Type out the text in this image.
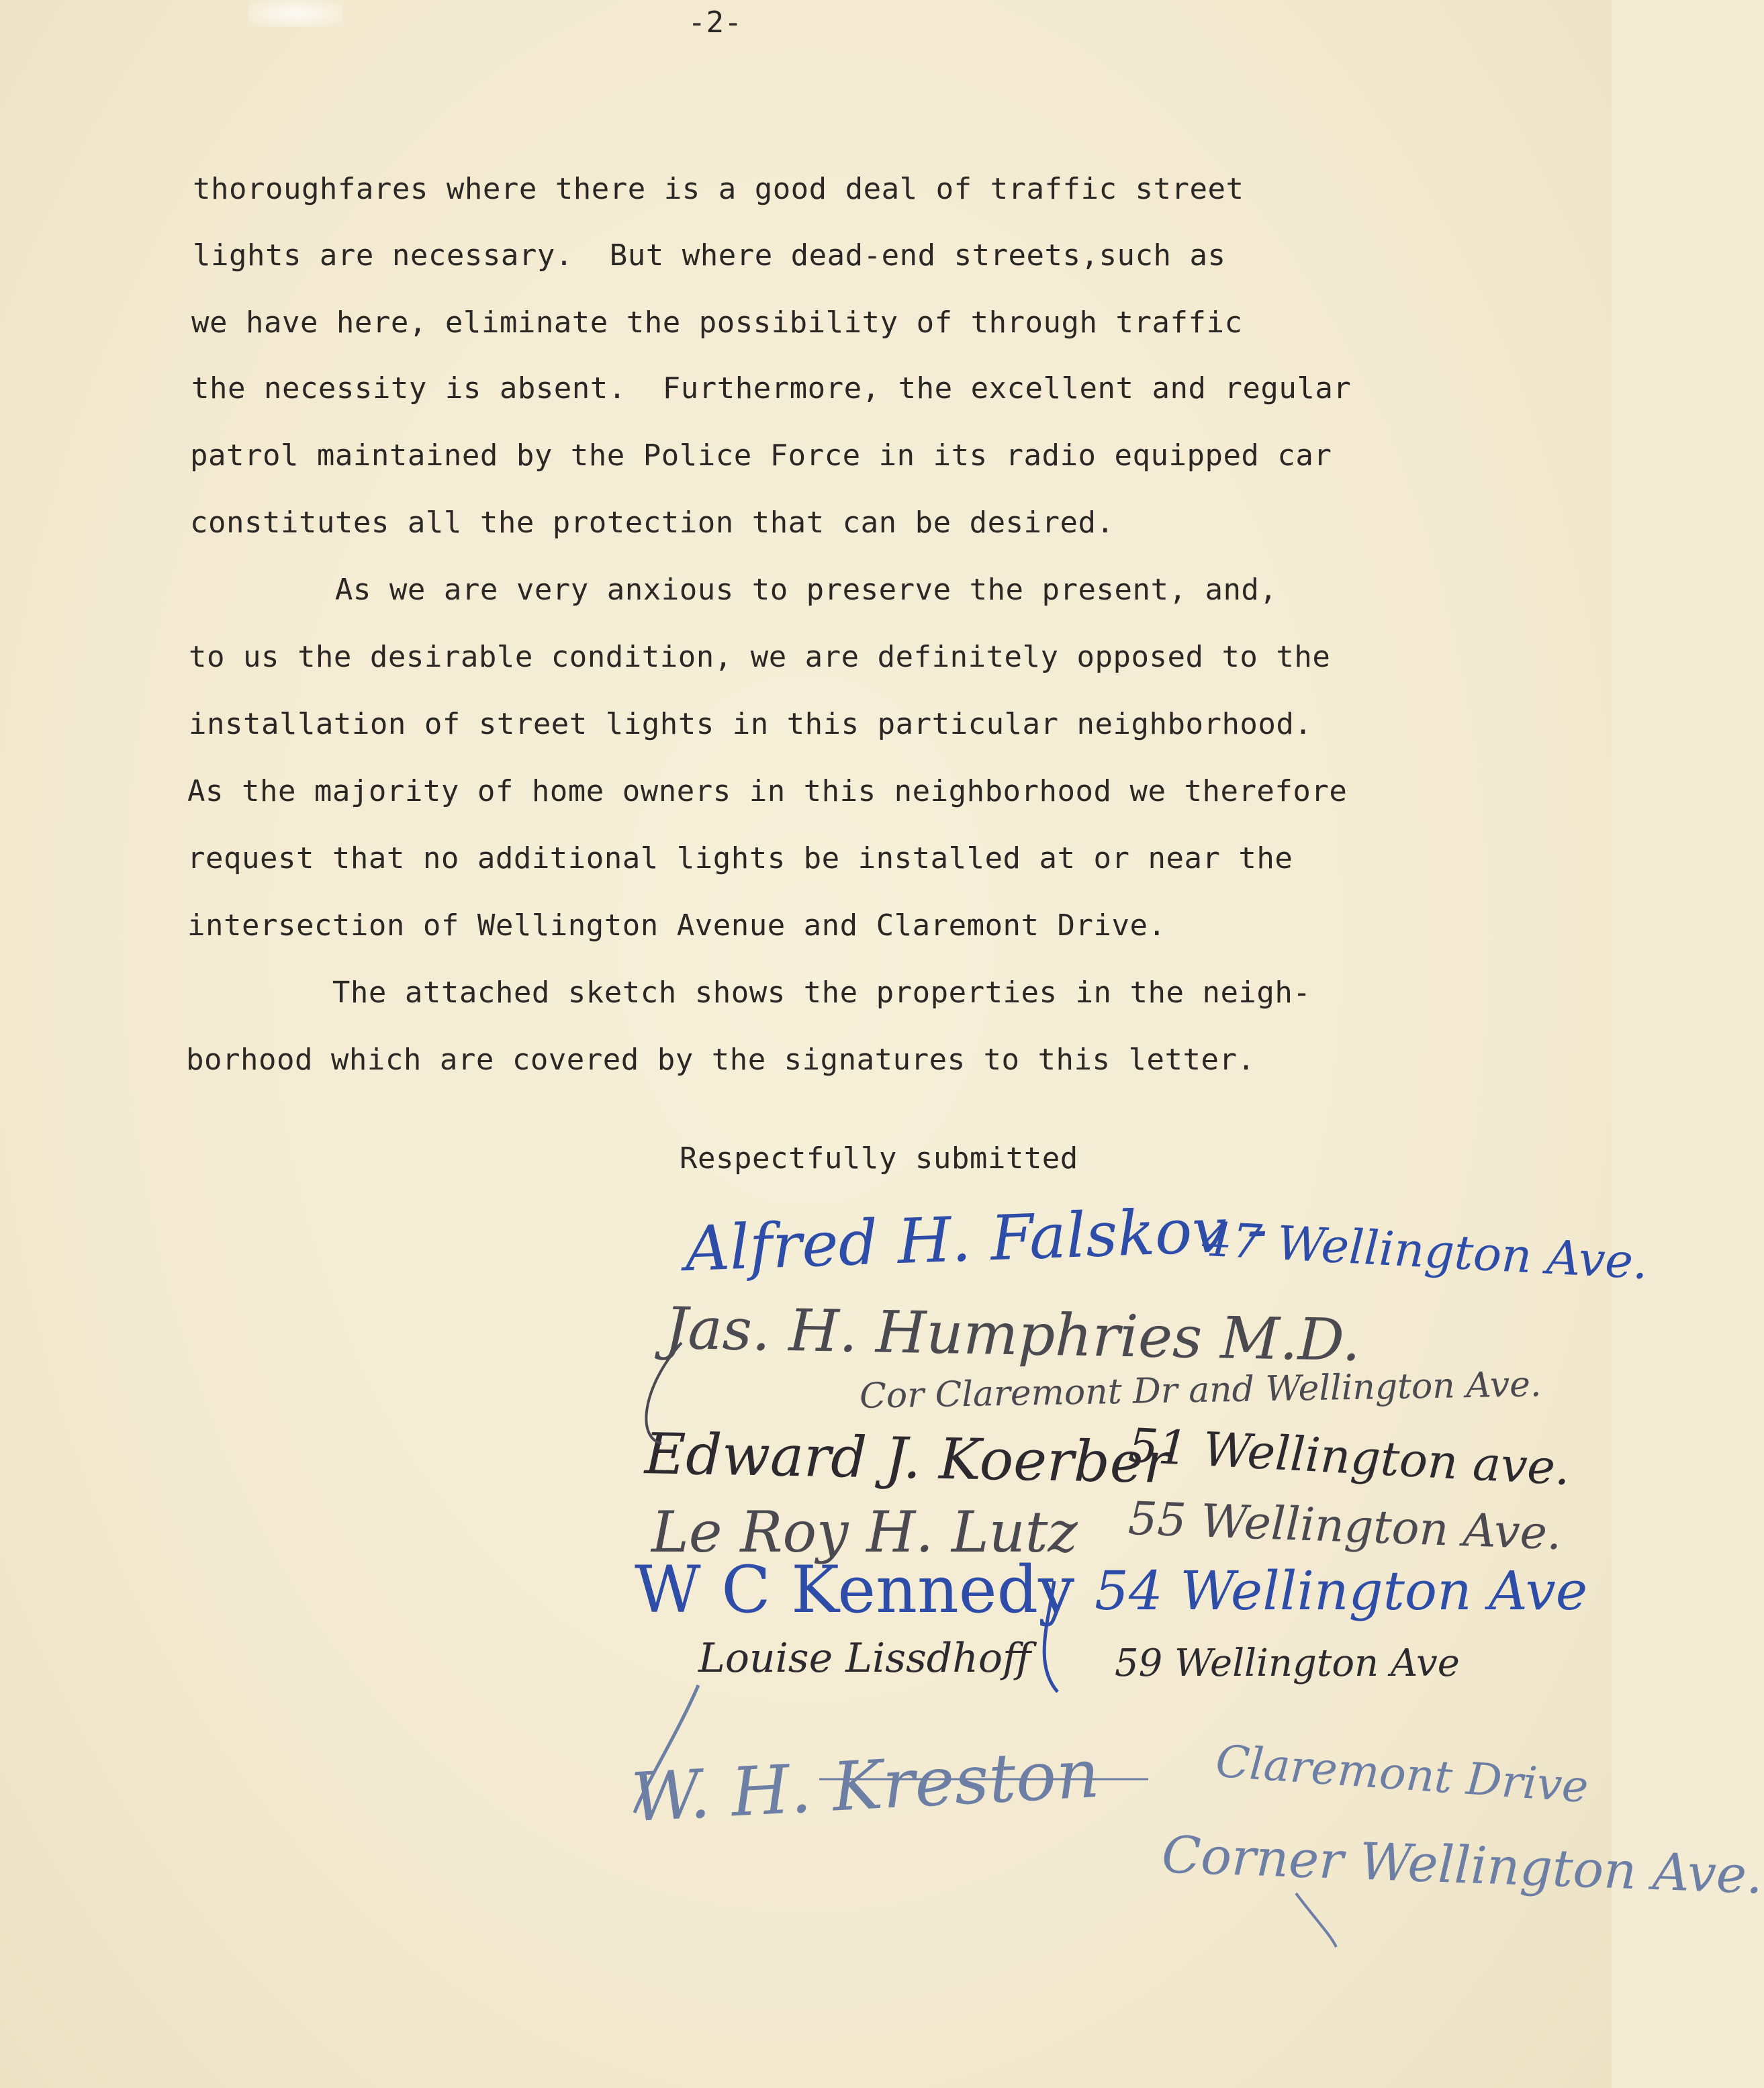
-2-
thoroughfares where there is a good deal of traffic street
lights are necessary.  But where dead-end streets,such as
we have here, eliminate the possibility of through traffic
the necessity is absent.  Furthermore, the excellent and regular
patrol maintained by the Police Force in its radio equipped car
constitutes all the protection that can be desired.
As we are very anxious to preserve the present, and,
to us the desirable condition, we are definitely opposed to the
installation of street lights in this particular neighborhood.
As the majority of home owners in this neighborhood we therefore
request that no additional lights be installed at or near the
intersection of Wellington Avenue and Claremont Drive.
The attached sketch shows the properties in the neigh-
borhood which are covered by the signatures to this letter.
Respectfully submitted
Alfred H. Falskov -
47 Wellington Ave.
Jas. H. Humphries M.D.
Cor Claremont Dr and Wellington Ave.
Edward J. Koerber
51 Wellington ave.
Le Roy H. Lutz 55 Wellington Ave.
W C Kennedy 54 Wellington Ave
Louise Lissdhoff 59 Wellington Ave
W. H. Kreston	Claremont Drive
Corner Wellington Ave.
